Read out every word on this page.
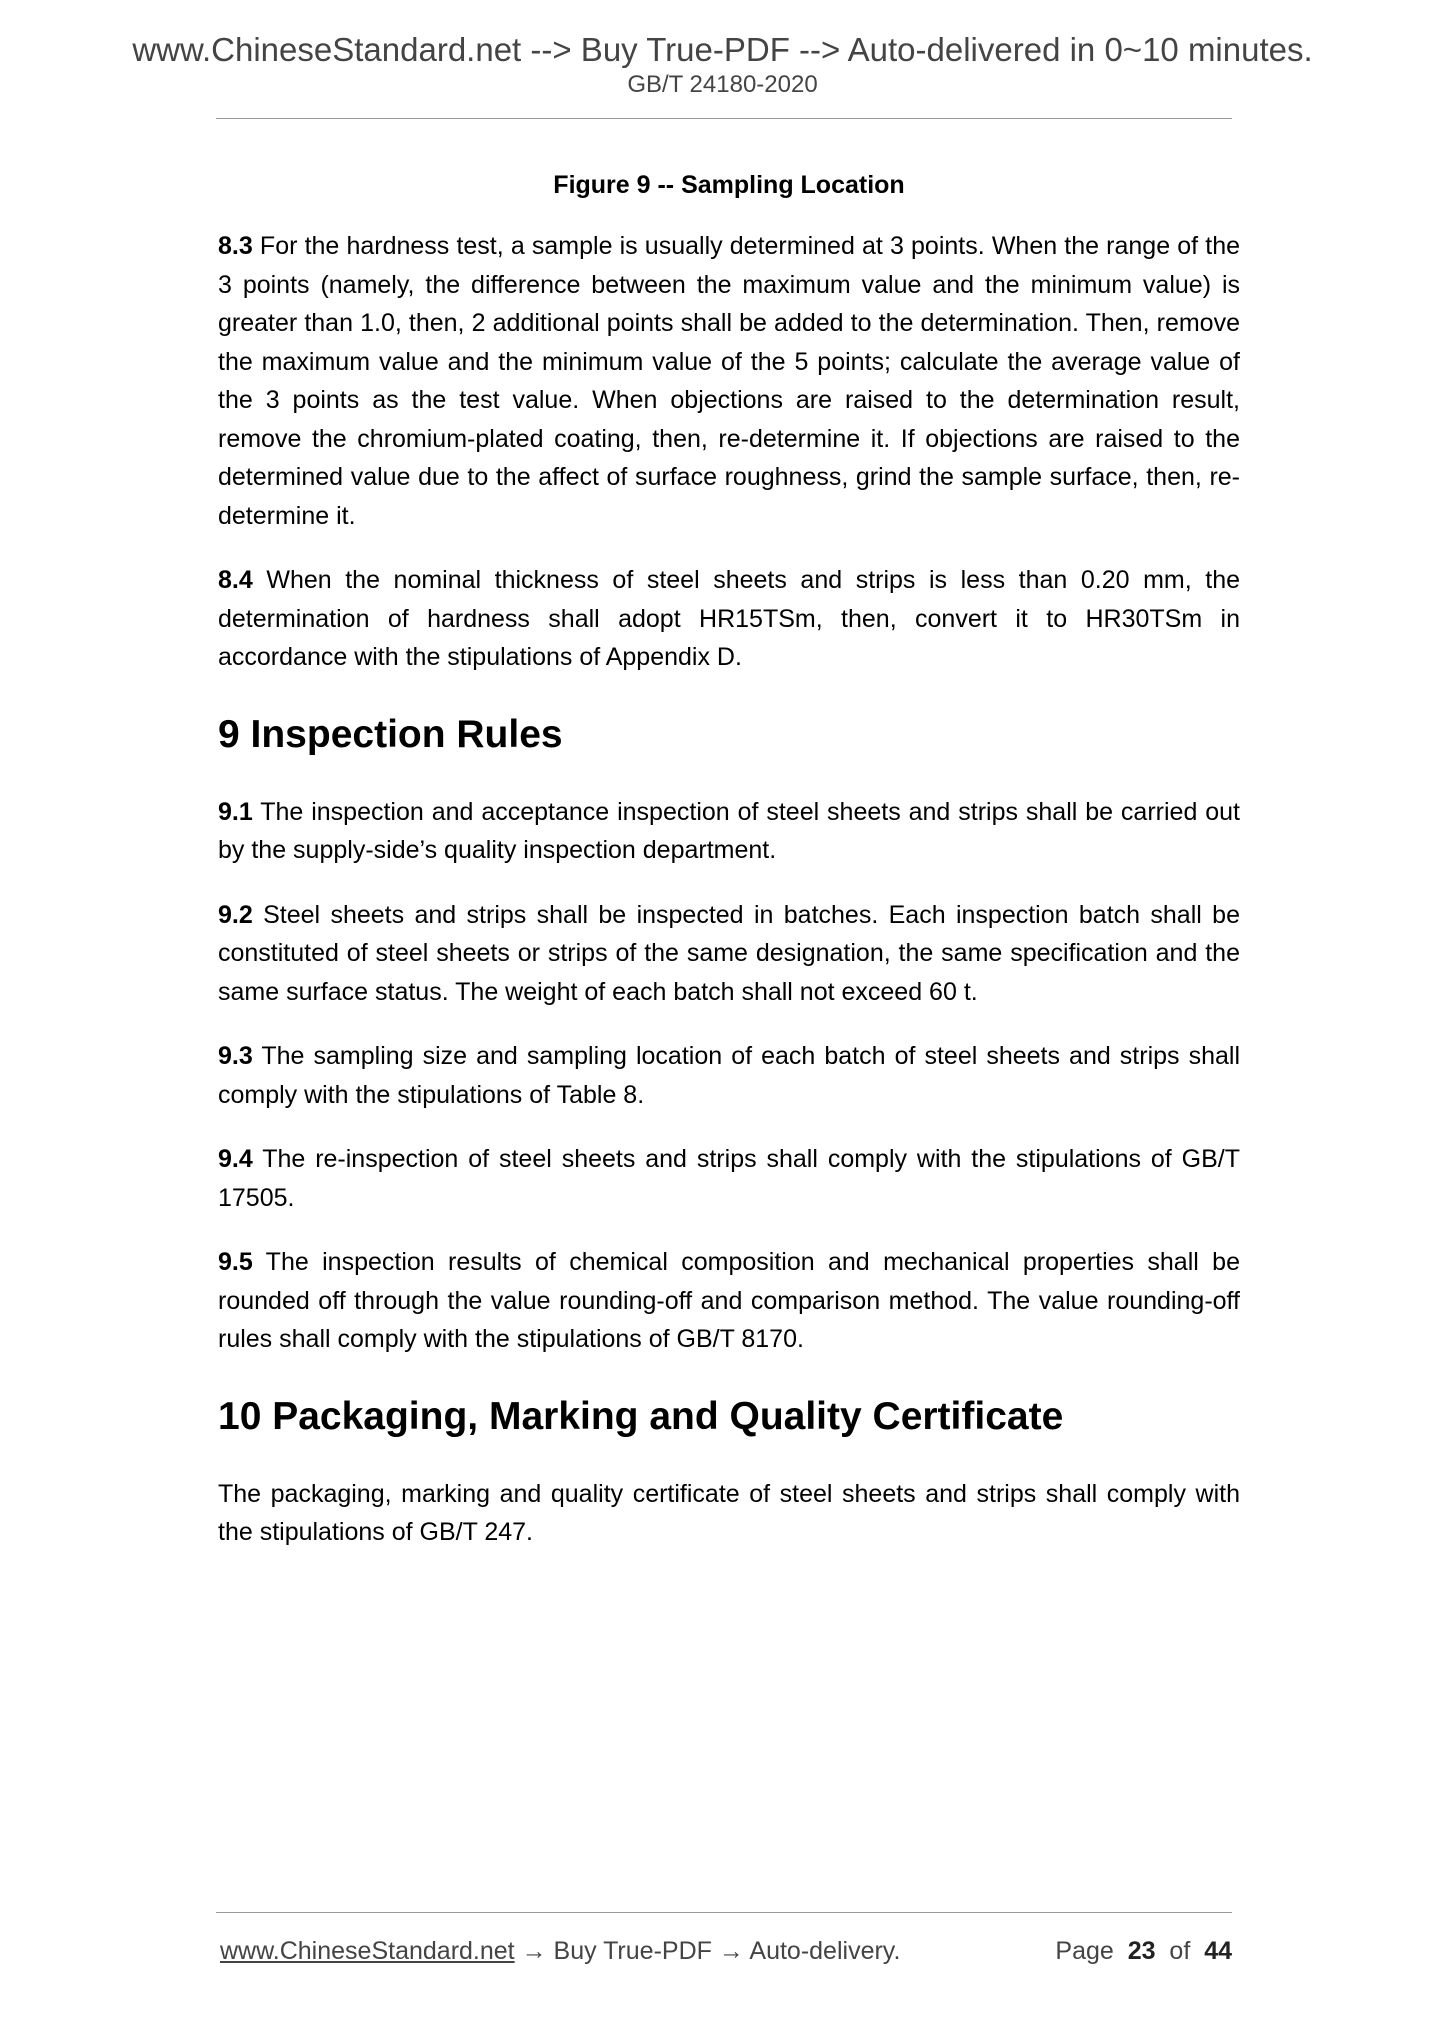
www.ChineseStandard.net --> Buy True-PDF --> Auto-delivered in 0~10 minutes.
GB/T 24180-2020
Figure 9 -- Sampling Location

8.3 For the hardness test, a sample is usually determined at 3 points. When the range of the 3 points (namely, the difference between the maximum value and the minimum value) is greater than 1.0, then, 2 additional points shall be added to the determination. Then, remove the maximum value and the minimum value of the 5 points; calculate the average value of the 3 points as the test value. When objections are raised to the determination result, remove the chromium-plated coating, then, re-determine it. If objections are raised to the determined value due to the affect of surface roughness, grind the sample surface, then, re-determine it.

8.4 When the nominal thickness of steel sheets and strips is less than 0.20 mm, the determination of hardness shall adopt HR15TSm, then, convert it to HR30TSm in accordance with the stipulations of Appendix D.

9 Inspection Rules

9.1 The inspection and acceptance inspection of steel sheets and strips shall be carried out by the supply-side’s quality inspection department.

9.2 Steel sheets and strips shall be inspected in batches. Each inspection batch shall be constituted of steel sheets or strips of the same designation, the same specification and the same surface status. The weight of each batch shall not exceed 60 t.

9.3 The sampling size and sampling location of each batch of steel sheets and strips shall comply with the stipulations of Table 8.

9.4 The re-inspection of steel sheets and strips shall comply with the stipulations of GB/T 17505.

9.5 The inspection results of chemical composition and mechanical properties shall be rounded off through the value rounding-off and comparison method. The value rounding-off rules shall comply with the stipulations of GB/T 8170.

10 Packaging, Marking and Quality Certificate

The packaging, marking and quality certificate of steel sheets and strips shall comply with the stipulations of GB/T 247.

www.ChineseStandard.net → Buy True-PDF → Auto-delivery.	Page 23 of 44
